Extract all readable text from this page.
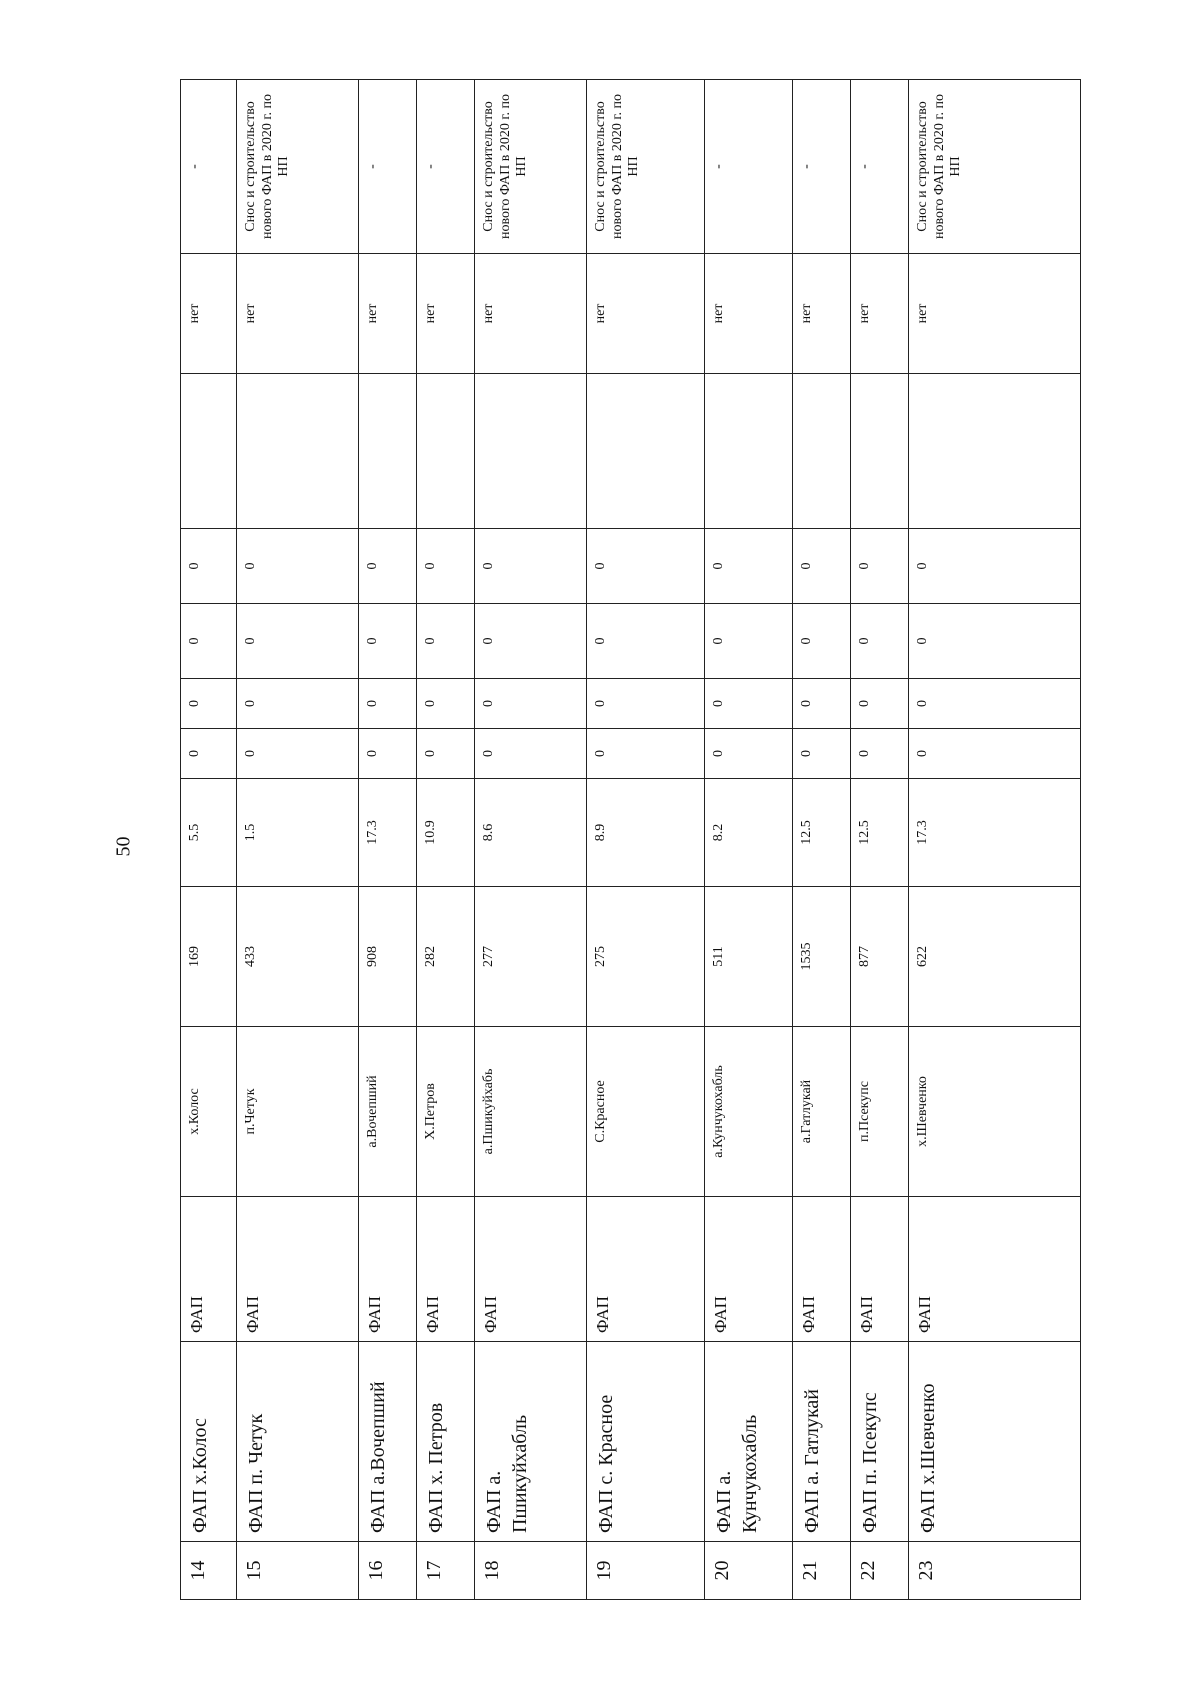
50
14	ФАП х.Колос	ФАП	х.Колос	169	5.5	0	0	0	0		нет	-
15	ФАП п. Четук	ФАП	п.Четук	433	1.5	0	0	0	0		нет	Снос и строительство нового ФАП в 2020 г. по НП
16	ФАП а.Вочепший	ФАП	а.Вочепший	908	17.3	0	0	0	0		нет	-
17	ФАП х. Петров	ФАП	Х.Петров	282	10.9	0	0	0	0		нет	-
18	ФАП а. Пшикуйхабль	ФАП	а.Пшикуйхабь	277	8.6	0	0	0	0		нет	Снос и строительство нового ФАП в 2020 г. по НП
19	ФАП с. Красное	ФАП	С.Красное	275	8.9	0	0	0	0		нет	Снос и строительство нового ФАП в 2020 г. по НП
20	ФАП а. Кунчукохабль	ФАП	а.Кунчукохабль	511	8.2	0	0	0	0		нет	-
21	ФАП а. Гатлукай	ФАП	а.Гатлукай	1535	12.5	0	0	0	0		нет	-
22	ФАП п. Псекупс	ФАП	п.Псекупс	877	12.5	0	0	0	0		нет	-
23	ФАП х.Шевченко	ФАП	х.Шевченко	622	17.3	0	0	0	0		нет	Снос и строительство нового ФАП в 2020 г. по НП
